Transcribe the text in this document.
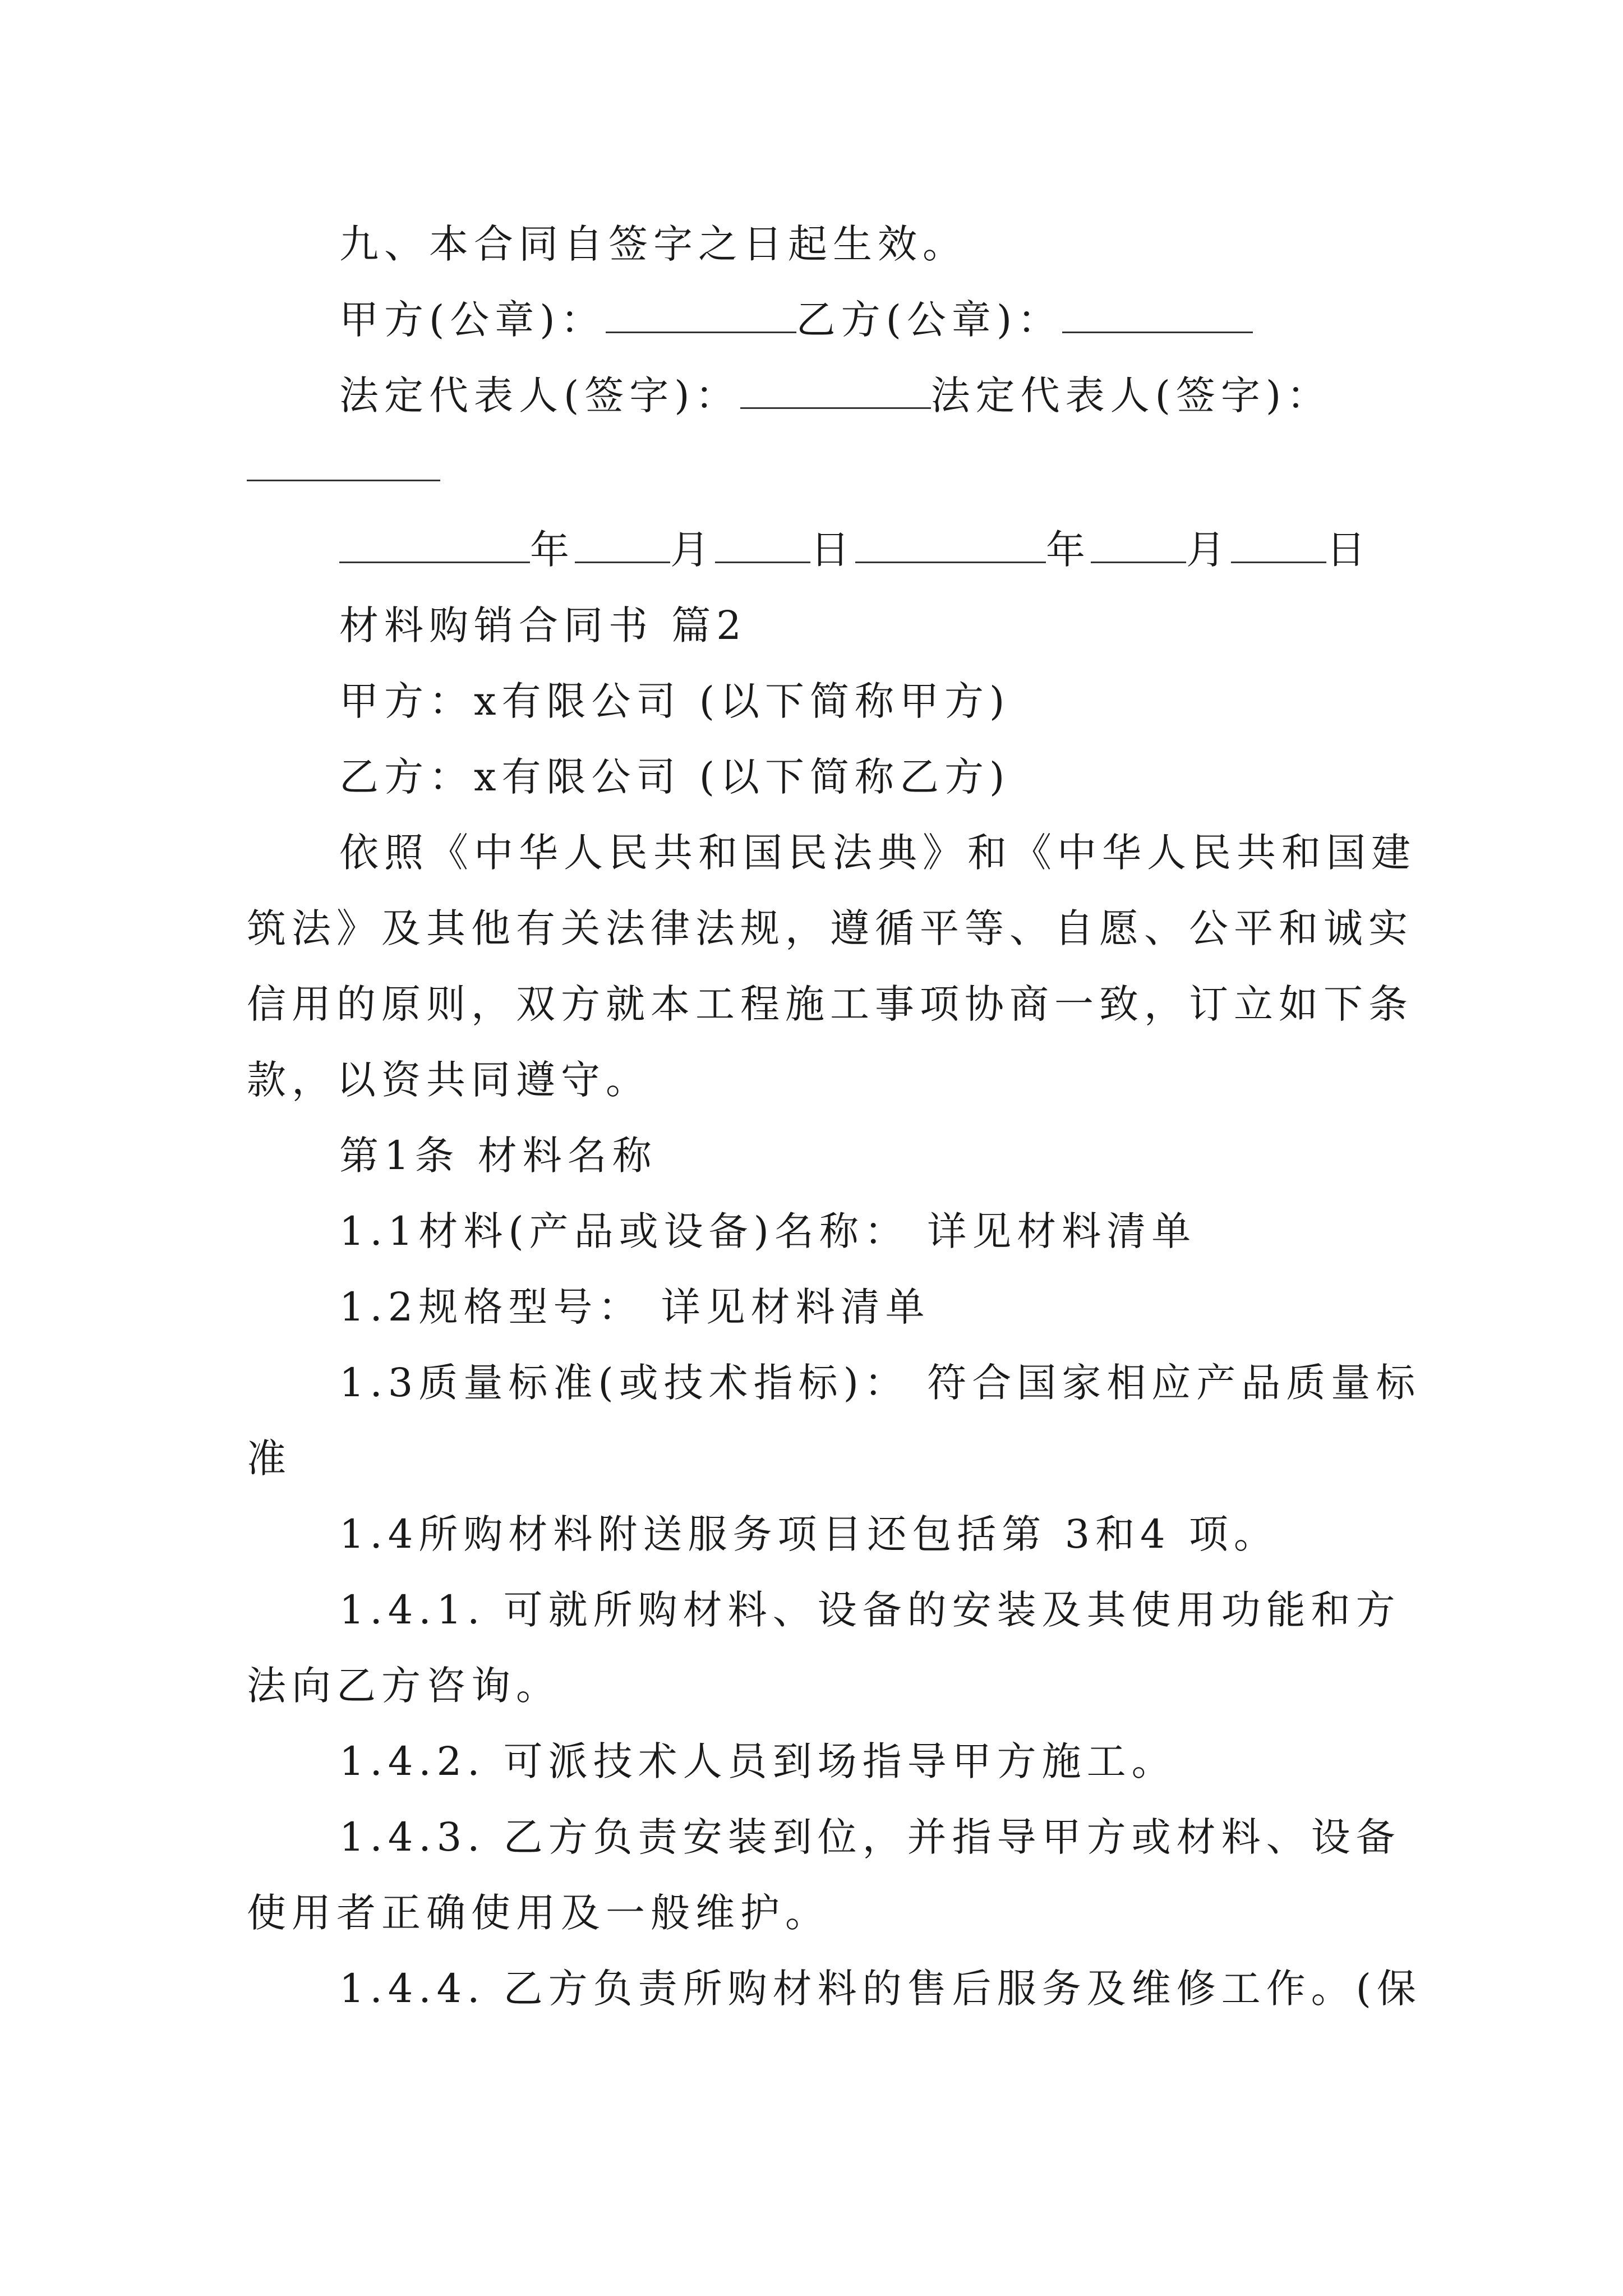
九、本合同自签字之日起生效。

甲方(公章)：	乙方(公章)：

法定代表人(签字)：	法定代表人(签字)：

年 月 日	年 月 日

材料购销合同书 篇2

甲方：x有限公司 (以下简称甲方)

乙方：x有限公司 (以下简称乙方)

依照《中华人民共和国民法典》和《中华人民共和国建

筑法》及其他有关法律法规，遵循平等、自愿、公平和诚实

信用的原则，双方就本工程施工事项协商一致，订立如下条

款，以资共同遵守。

第1条 材料名称

1.1材料(产品或设备)名称： 详见材料清单

1.2规格型号： 详见材料清单

1.3质量标准(或技术指标)： 符合国家相应产品质量标

准

1.4所购材料附送服务项目还包括第 3和4 项。

1.4.1. 可就所购材料、设备的安装及其使用功能和方

法向乙方咨询。

1.4.2. 可派技术人员到场指导甲方施工。

1.4.3. 乙方负责安装到位，并指导甲方或材料、设备

使用者正确使用及一般维护。

1.4.4. 乙方负责所购材料的售后服务及维修工作。(保
